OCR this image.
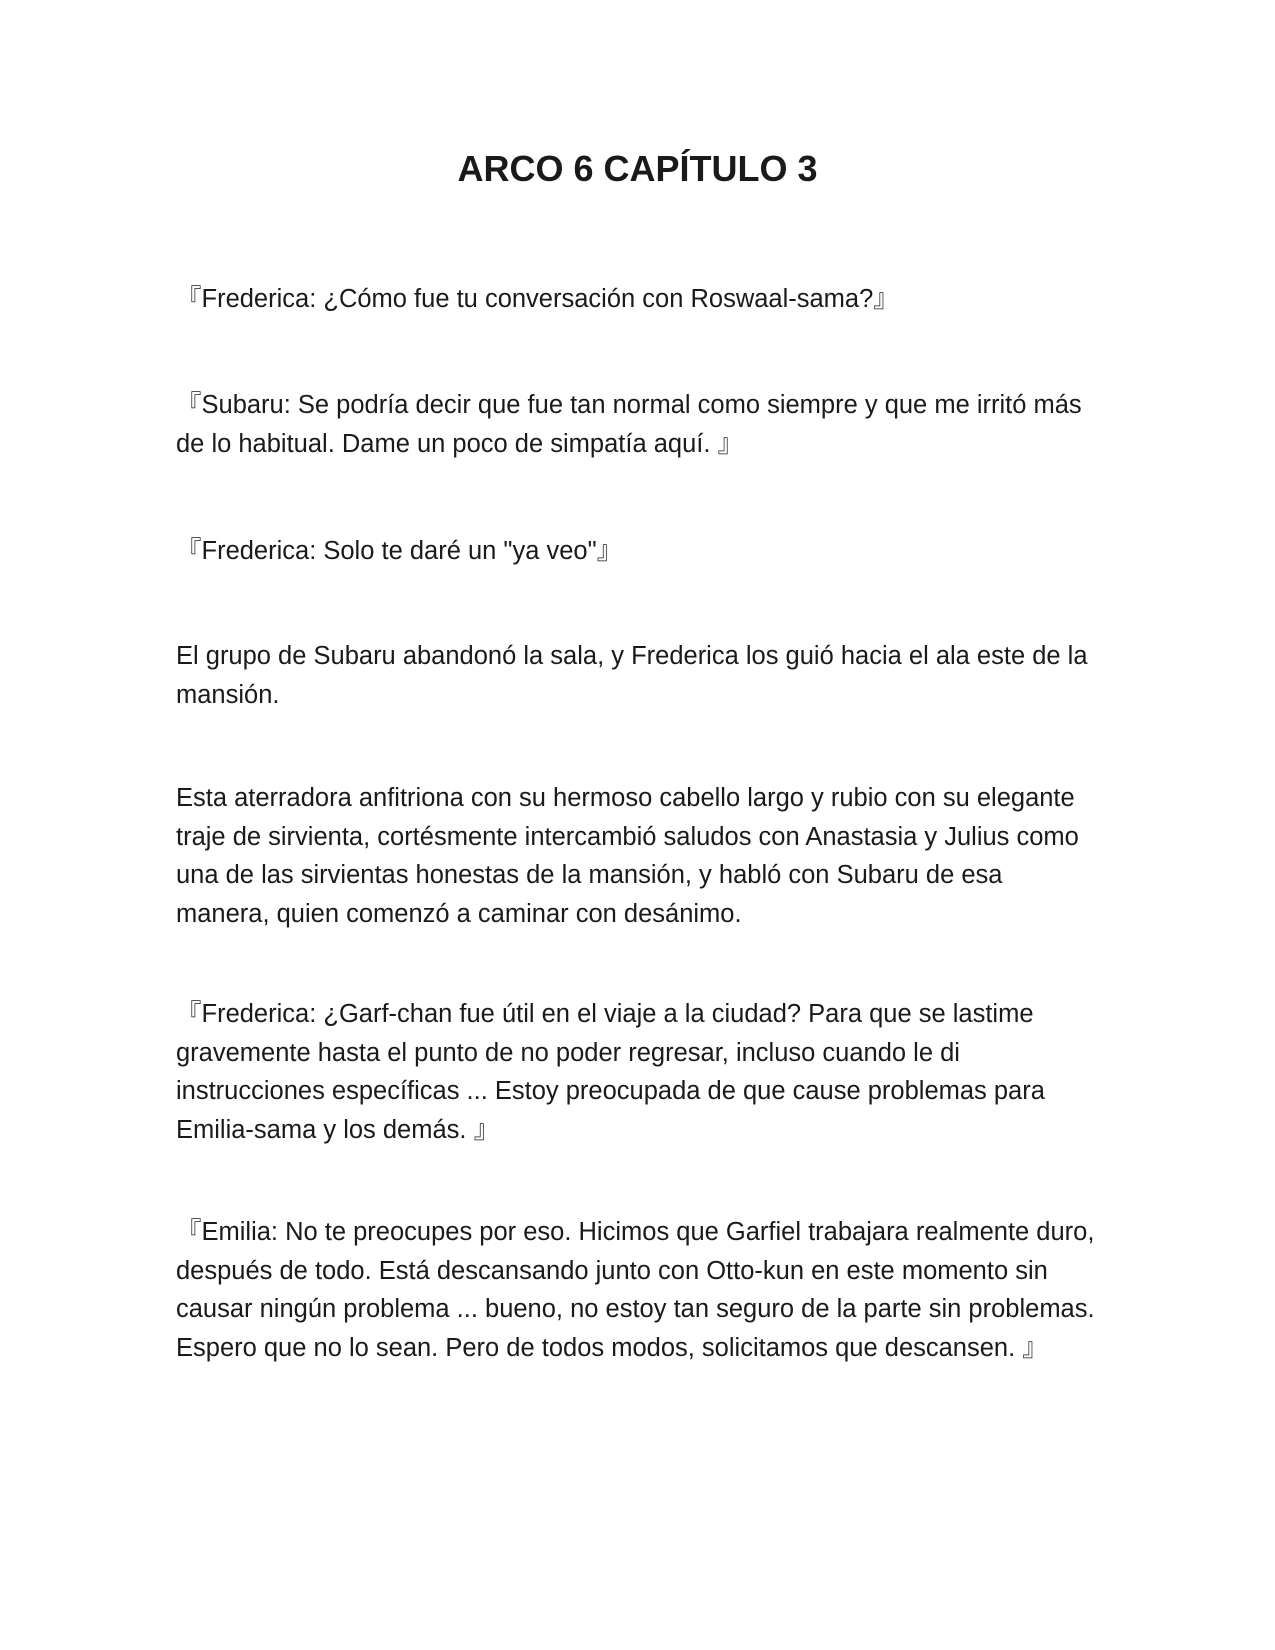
ARCO 6 CAPÍTULO 3

『Frederica: ¿Cómo fue tu conversación con Roswaal-sama?』

『Subaru: Se podría decir que fue tan normal como siempre y que me irritó más de lo habitual. Dame un poco de simpatía aquí. 』

『Frederica: Solo te daré un "ya veo"』

El grupo de Subaru abandonó la sala, y Frederica los guió hacia el ala este de la mansión.

Esta aterradora anfitriona con su hermoso cabello largo y rubio con su elegante traje de sirvienta, cortésmente intercambió saludos con Anastasia y Julius como una de las sirvientas honestas de la mansión, y habló con Subaru de esa manera, quien comenzó a caminar con desánimo.

『Frederica: ¿Garf-chan fue útil en el viaje a la ciudad? Para que se lastime gravemente hasta el punto de no poder regresar, incluso cuando le di instrucciones específicas ... Estoy preocupada de que cause problemas para Emilia-sama y los demás. 』

『Emilia: No te preocupes por eso. Hicimos que Garfiel trabajara realmente duro, después de todo. Está descansando junto con Otto-kun en este momento sin causar ningún problema ... bueno, no estoy tan seguro de la parte sin problemas. Espero que no lo sean. Pero de todos modos, solicitamos que descansen. 』
